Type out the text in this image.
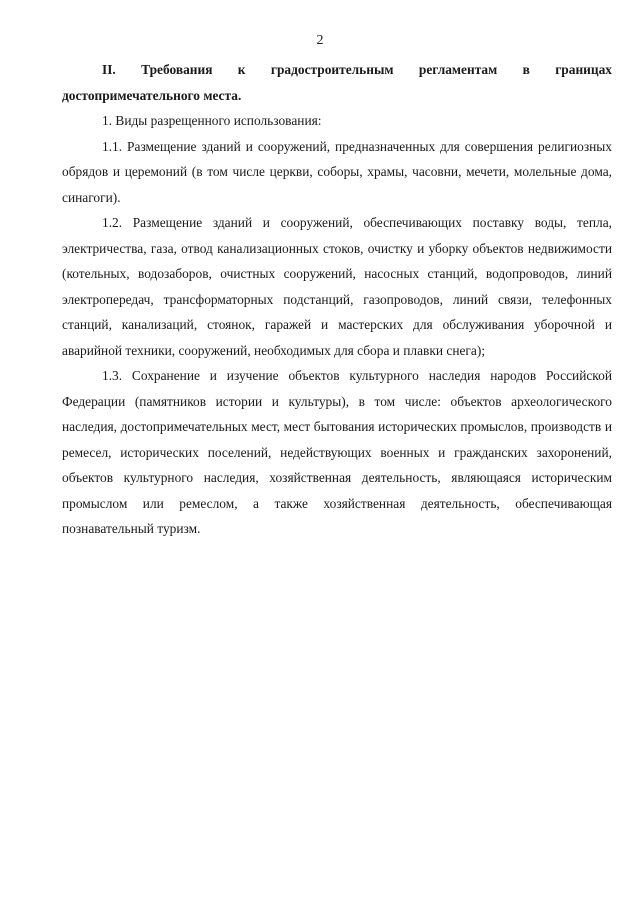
2

II. Требования к градостроительным регламентам в границах достопримечательного места.

1. Виды разрещенного использования:

1.1. Размещение зданий и сооружений, предназначенных для совершения религиозных обрядов и церемоний (в том числе церкви, соборы, храмы, часовни, мечети, молельные дома, синагоги).

1.2. Размещение зданий и сооружений, обеспечивающих поставку воды, тепла, электричества, газа, отвод канализационных стоков, очистку и уборку объектов недвижимости (котельных, водозаборов, очистных сооружений, насосных станций, водопроводов, линий электропередач, трансформаторных подстанций, газопроводов, линий связи, телефонных станций, канализаций, стоянок, гаражей и мастерских для обслуживания уборочной и аварийной техники, сооружений, необходимых для сбора и плавки снега);

1.3. Сохранение и изучение объектов культурного наследия народов Российской Федерации (памятников истории и культуры), в том числе: объектов археологического наследия, достопримечательных мест, мест бытования исторических промыслов, производств и ремесел, исторических поселений, недействующих военных и гражданских захоронений, объектов культурного наследия, хозяйственная деятельность, являющаяся историческим промыслом или ремеслом, а также хозяйственная деятельность, обеспечивающая познавательный туризм.
